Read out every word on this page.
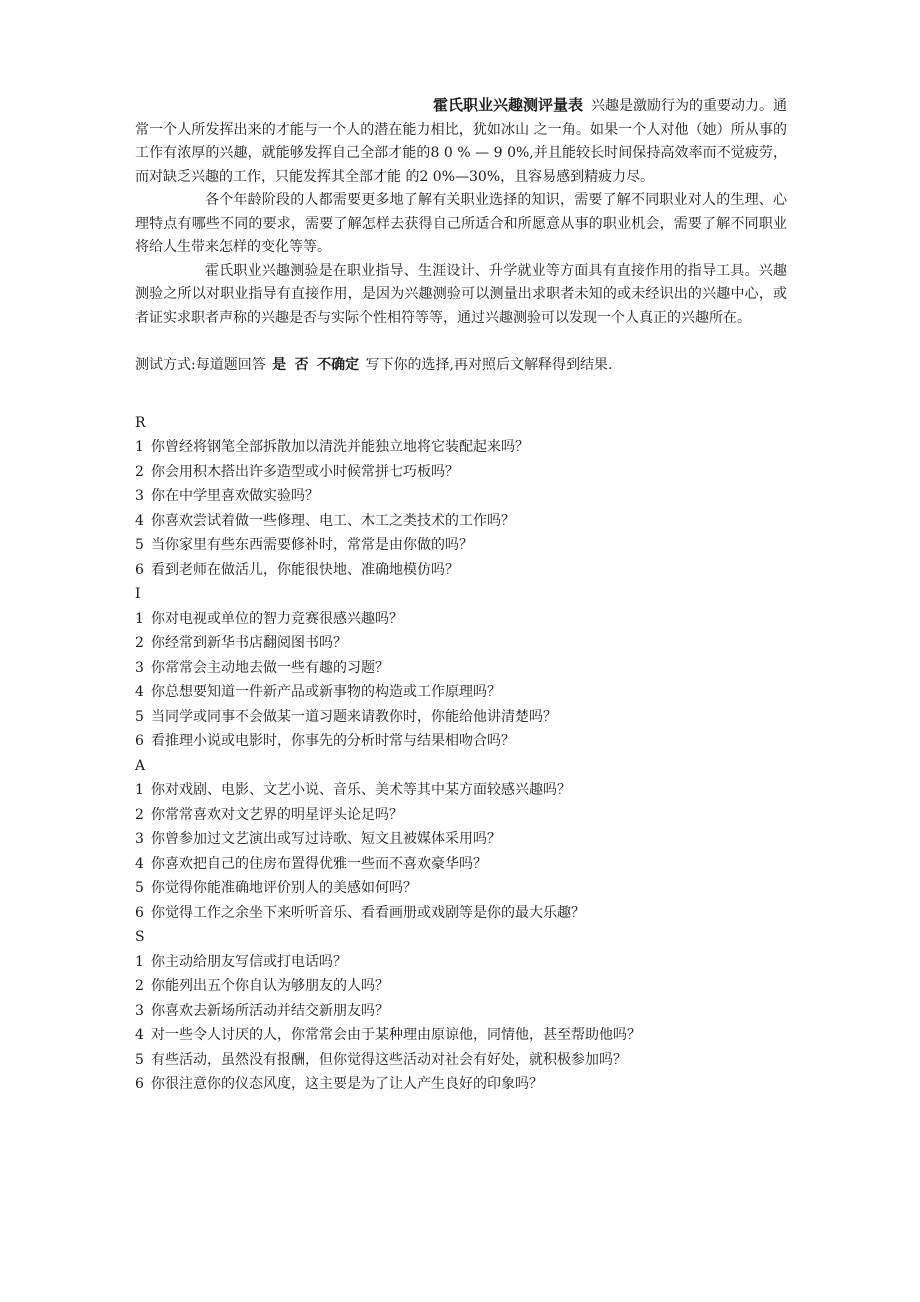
霍氏职业兴趣测评量表 兴趣是激励行为的重要动力。通
常一个人所发挥出来的才能与一个人的潜在能力相比，犹如冰山 之一角。如果一个人对他（她）所从事的工作有浓厚的兴趣，就能够发挥自己全部才能的8 0 % — 9 0%,并且能较长时间保持高效率而不觉疲劳，而对缺乏兴趣的工作，只能发挥其全部才能 的2 0%—30%，且容易感到精疲力尽。

各个年龄阶段的人都需要更多地了解有关职业选择的知识，需要了解不同职业对人的生理、心理特点有哪些不同的要求，需要了解怎样去获得自己所适合和所愿意从事的职业机会，需要了解不同职业将给人生带来怎样的变化等等。

霍氏职业兴趣测验是在职业指导、生涯设计、升学就业等方面具有直接作用的指导工具。兴趣测验之所以对职业指导有直接作用，是因为兴趣测验可以测量出求职者未知的或未经识出的兴趣中心，或者证实求职者声称的兴趣是否与实际个性相符等等，通过兴趣测验可以发现一个人真正的兴趣所在。

测试方式:每道题回答 是 否 不确定 写下你的选择,再对照后文解释得到结果.

R
1 你曾经将钢笔全部拆散加以清洗并能独立地将它装配起来吗？
2 你会用积木搭出许多造型或小时候常拼七巧板吗？
3 你在中学里喜欢做实验吗？
4 你喜欢尝试着做一些修理、电工、木工之类技术的工作吗？
5 当你家里有些东西需要修补时，常常是由你做的吗？
6 看到老师在做活儿，你能很快地、准确地模仿吗？
I
1 你对电视或单位的智力竞赛很感兴趣吗？
2 你经常到新华书店翻阅图书吗？
3 你常常会主动地去做一些有趣的习题？
4 你总想要知道一件新产品或新事物的构造或工作原理吗？
5 当同学或同事不会做某一道习题来请教你时，你能给他讲清楚吗？
6 看推理小说或电影时，你事先的分析时常与结果相吻合吗？
A
1 你对戏剧、电影、文艺小说、音乐、美术等其中某方面较感兴趣吗？
2 你常常喜欢对文艺界的明星评头论足吗？
3 你曾参加过文艺演出或写过诗歌、短文且被媒体采用吗？
4 你喜欢把自己的住房布置得优雅一些而不喜欢豪华吗？
5 你觉得你能准确地评价别人的美感如何吗？
6 你觉得工作之余坐下来听听音乐、看看画册或戏剧等是你的最大乐趣？
S
1 你主动给朋友写信或打电话吗？
2 你能列出五个你自认为够朋友的人吗？
3 你喜欢去新场所活动并结交新朋友吗？
4 对一些令人讨厌的人，你常常会由于某种理由原谅他，同情他，甚至帮助他吗？
5 有些活动，虽然没有报酬，但你觉得这些活动对社会有好处，就积极参加吗？
6 你很注意你的仪态风度，这主要是为了让人产生良好的印象吗？
